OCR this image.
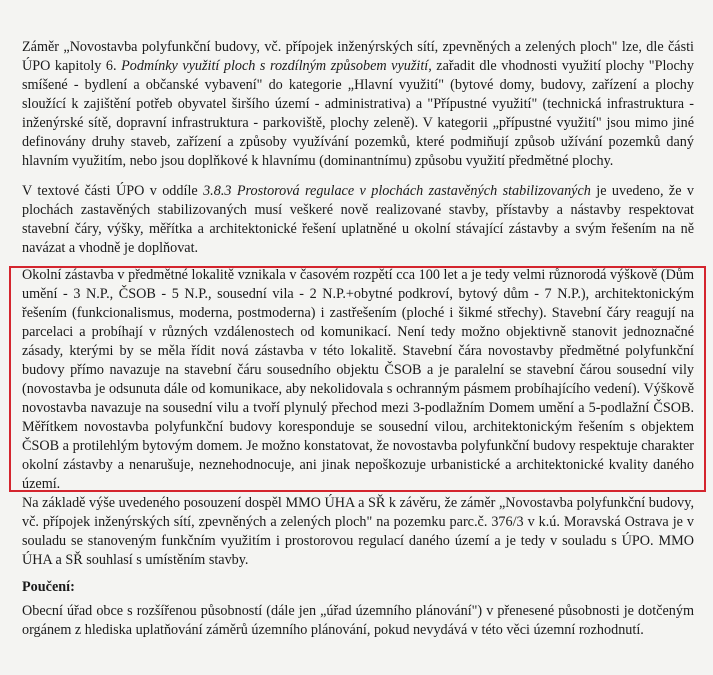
Záměr „Novostavba polyfunkční budovy, vč. přípojek inženýrských sítí, zpevněných a zelených ploch" lze, dle části ÚPO kapitoly 6. Podmínky využití ploch s rozdílným způsobem využití, zařadit dle vhodnosti využití plochy "Plochy smíšené - bydlení a občanské vybavení" do kategorie „Hlavní využití" (bytové domy, budovy, zařízení a plochy sloužící k zajištění potřeb obyvatel širšího území - administrativa) a "Přípustné využití" (technická infrastruktura - inženýrské sítě, dopravní infrastruktura - parkoviště, plochy zeleně). V kategorii „přípustné využití" jsou mimo jiné definovány druhy staveb, zařízení a způsoby využívání pozemků, které podmiňují způsob užívání pozemků daný hlavním využitím, nebo jsou doplňkové k hlavnímu (dominantnímu) způsobu využití předmětné plochy.

V textové části ÚPO v oddíle 3.8.3 Prostorová regulace v plochách zastavěných stabilizovaných je uvedeno, že v plochách zastavěných stabilizovaných musí veškeré nově realizované stavby, přístavby a nástavby respektovat stavební čáry, výšky, měřítka a architektonické řešení uplatněné u okolní stávající zástavby a svým řešením na ně navázat a vhodně je doplňovat.

Okolní zástavba v předmětné lokalitě vznikala v časovém rozpětí cca 100 let a je tedy velmi různorodá výškově (Dům umění - 3 N.P., ČSOB - 5 N.P., sousední vila - 2 N.P.+obytné podkroví, bytový dům - 7 N.P.), architektonickým řešením (funkcionalismus, moderna, postmoderna) i zastřešením (ploché i šikmé střechy). Stavební čáry reagují na parcelaci a probíhají v různých vzdálenostech od komunikací. Není tedy možno objektivně stanovit jednoznačné zásady, kterými by se měla řídit nová zástavba v této lokalitě. Stavební čára novostavby předmětné polyfunkční budovy přímo navazuje na stavební čáru sousedního objektu ČSOB a je paralelní se stavební čárou sousední vily (novostavba je odsunuta dále od komunikace, aby nekolidovala s ochranným pásmem probíhajícího vedení). Výškově novostavba navazuje na sousední vilu a tvoří plynulý přechod mezi 3-podlažním Domem umění a 5-podlažní ČSOB. Měřítkem novostavba polyfunkční budovy koresponduje se sousední vilou, architektonickým řešením s objektem ČSOB a protilehlým bytovým domem. Je možno konstatovat, že novostavba polyfunkční budovy respektuje charakter okolní zástavby a nenarušuje, neznehodnocuje, ani jinak nepoškozuje urbanistické a architektonické kvality daného území.

Na základě výše uvedeného posouzení dospěl MMO ÚHA a SŘ k závěru, že záměr „Novostavba polyfunkční budovy, vč. přípojek inženýrských sítí, zpevněných a zelených ploch" na pozemku parc.č. 376/3 v k.ú. Moravská Ostrava je v souladu se stanoveným funkčním využitím i prostorovou regulací daného území a je tedy v souladu s ÚPO. MMO ÚHA a SŘ souhlasí s umístěním stavby.

Poučení:

Obecní úřad obce s rozšířenou působností (dále jen „úřad územního plánování") v přenesené působnosti je dotčeným orgánem z hlediska uplatňování záměrů územního plánování, pokud nevydává v této věci územní rozhodnutí.
